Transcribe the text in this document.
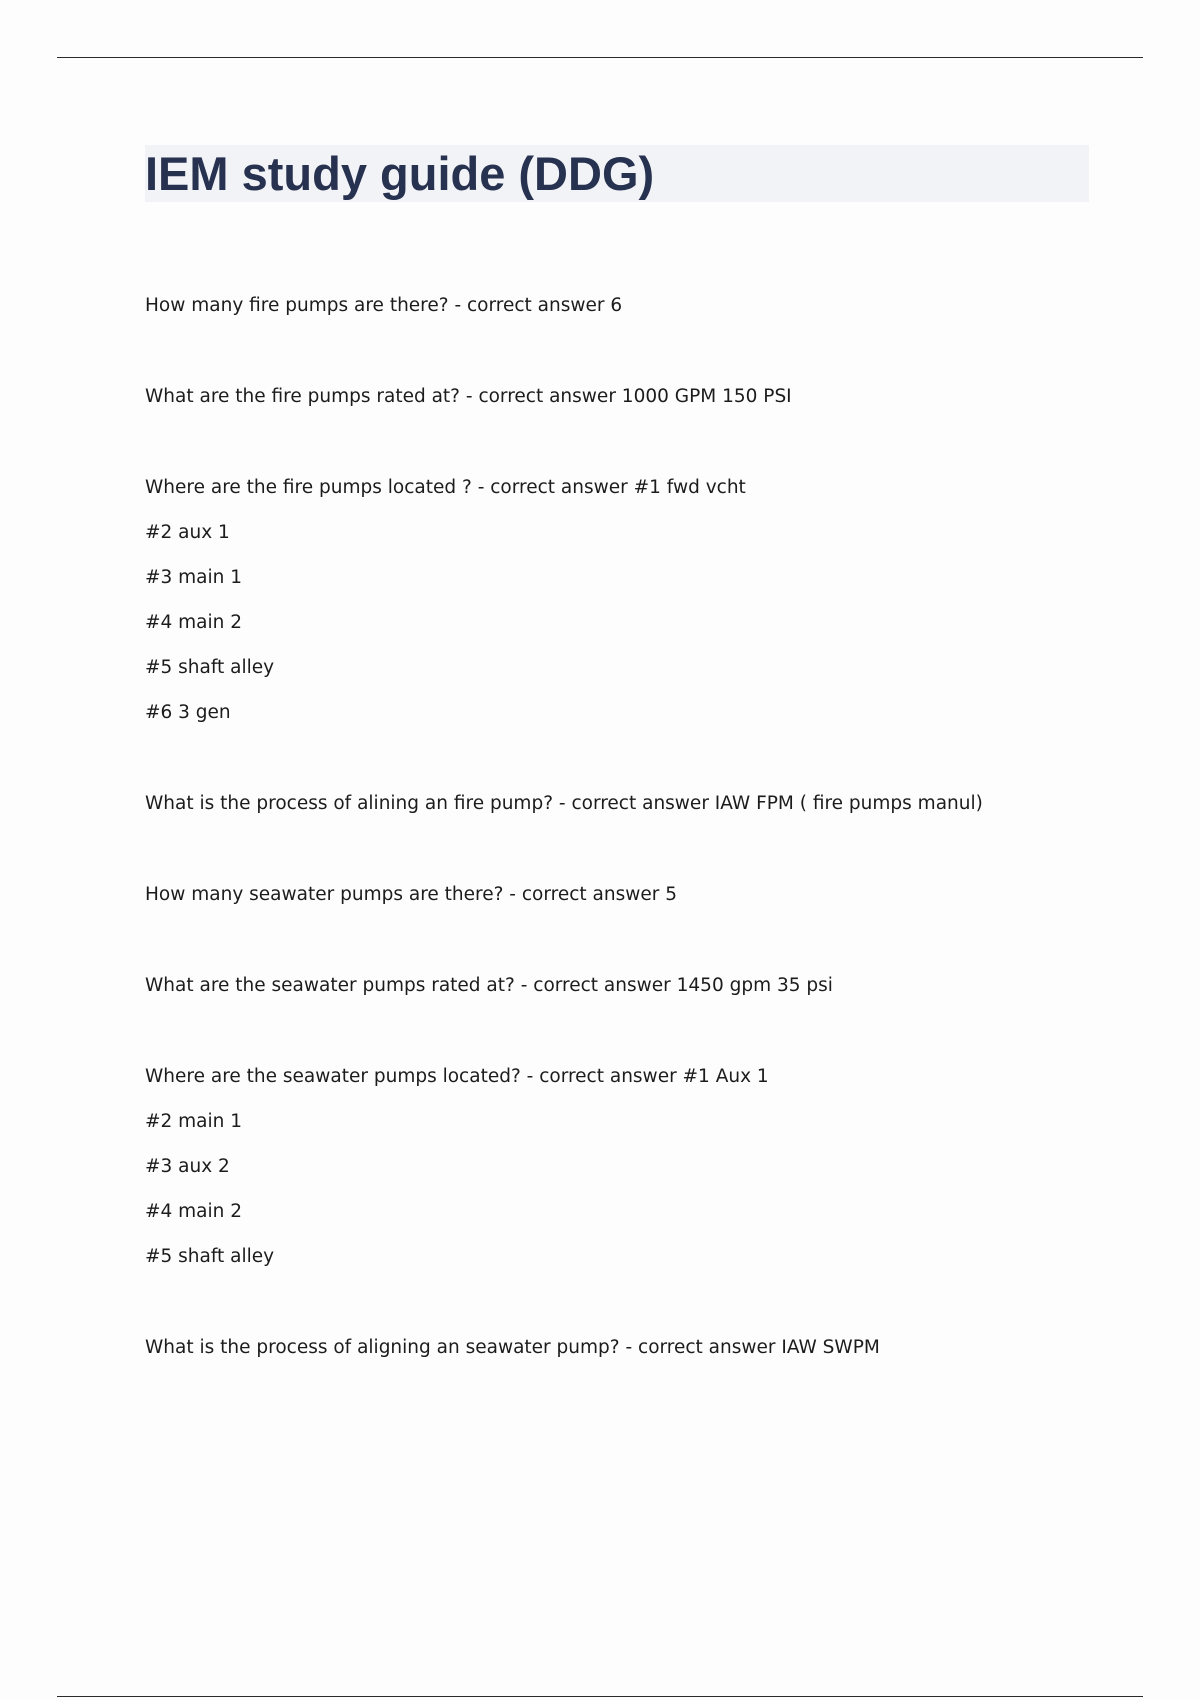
IEM study guide (DDG)

How many fire pumps are there? - correct answer 6

What are the fire pumps rated at? - correct answer 1000 GPM 150 PSI

Where are the fire pumps located ? - correct answer #1 fwd vcht

#2 aux 1

#3 main 1

#4 main 2

#5 shaft alley

#6 3 gen

What is the process of alining an fire pump? - correct answer IAW FPM ( fire pumps manul)

How many seawater pumps are there? - correct answer 5

What are the seawater pumps rated at? - correct answer 1450 gpm 35 psi

Where are the seawater pumps located? - correct answer #1 Aux 1

#2 main 1

#3 aux 2

#4 main 2

#5 shaft alley

What is the process of aligning an seawater pump? - correct answer IAW SWPM
